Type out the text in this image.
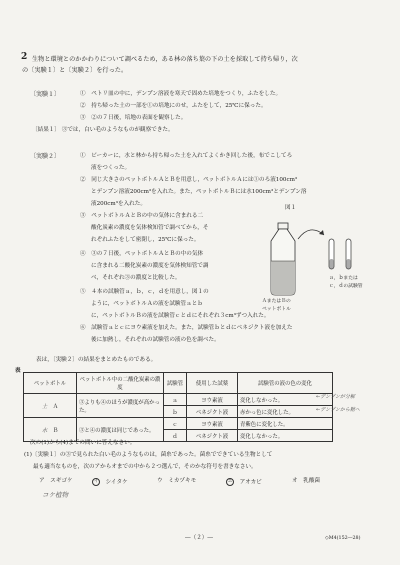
2 生物と環境とのかかわりについて調べるため，ある林の落ち葉の下の土を採取して持ち帰り，次
の〔実験１〕と〔実験２〕を行った。
〔実験１〕	①　 ペトリ皿の中に，デンプン溶液を寒天で固めた培地をつくり，ふたをした。
②　 持ち帰った土の一部を①の培地にのせ，ふたをして，25℃に保った。
③　 ②の７日後，培地の表面を観察した。
〔結果１〕 ③では，白い毛のようなものが観察できた。
〔実験２〕	①　ビーカーに，水と林から持ち帰った土を入れてよくかき回した後，布でこしてろ
液をつくった。
②　同じ大きさのペットボトルＡとＢを用意し，ペットボトルＡには①のろ液100cm³
とデンプン溶液200cm³を入れた。また，ペットボトルＢには水100cm³とデンプン溶
液200cm³を入れた。
③　ペットボトルＡとＢの中の気体に含まれる二
酸化炭素の濃度を気体検知管で調べてから，そ
れぞれふたをして密閉し，25℃に保った。
④　③の７日後，ペットボトルＡとＢの中の気体
に含まれる二酸化炭素の濃度を気体検知管で調
べ，それぞれ③の濃度と比較した。
⑤　４本の試験管ａ，ｂ，ｃ，ｄを用意し，図１の
ように，ペットボトルＡの液を試験管ａとｂ
に，ペットボトルＢの液を試験管ｃとｄにそれぞれ３cm³ずつ入れた。
⑥　試験管ａとｃにヨウ素液を加えた。また，試験管ｂとｄにベネジクト液を加えた
後に加熱し，それぞれの試験管の液の色を調べた。
図１
ａ，ｂまたは
ｃ，ｄの試験管
ＡまたはＢの
ペットボトル
表は，〔実験２〕の結果をまとめたものである。
表
ペットボトル	ペットボトル中の二酸化炭素の濃度	試験管	使用した試薬	試験管の液の色の変化
土　 Ａ	③よりも④のほうが濃度が高かった。	ａ	ヨウ素液	変化しなかった。
		ｂ	ベネジクト液	赤かっ色に変化した。
水　 Ｂ	③と④の濃度は同じであった。	ｃ	ヨウ素液	青紫色に変化した。
		ｄ	ベネジクト液	変化しなかった。
←デンプンが分解
←デンプンから糖へ
次の(1)から(4)までの問いに答えなさい。
(1)〔実験１〕の③で見られた白い毛のようなものは，菌糸であった。菌糸でできている生物として
最も適当なものを，次のアからオまでの中から２つ選んで，そのかな符号を書きなさい。
ア　 スギゴケ	イ　 シイタケ	ウ　 ミカヅキモ	エ　 アオカビ	オ　 乳酸菌
コケ植物
―（２）―	◇M4(152―28)
